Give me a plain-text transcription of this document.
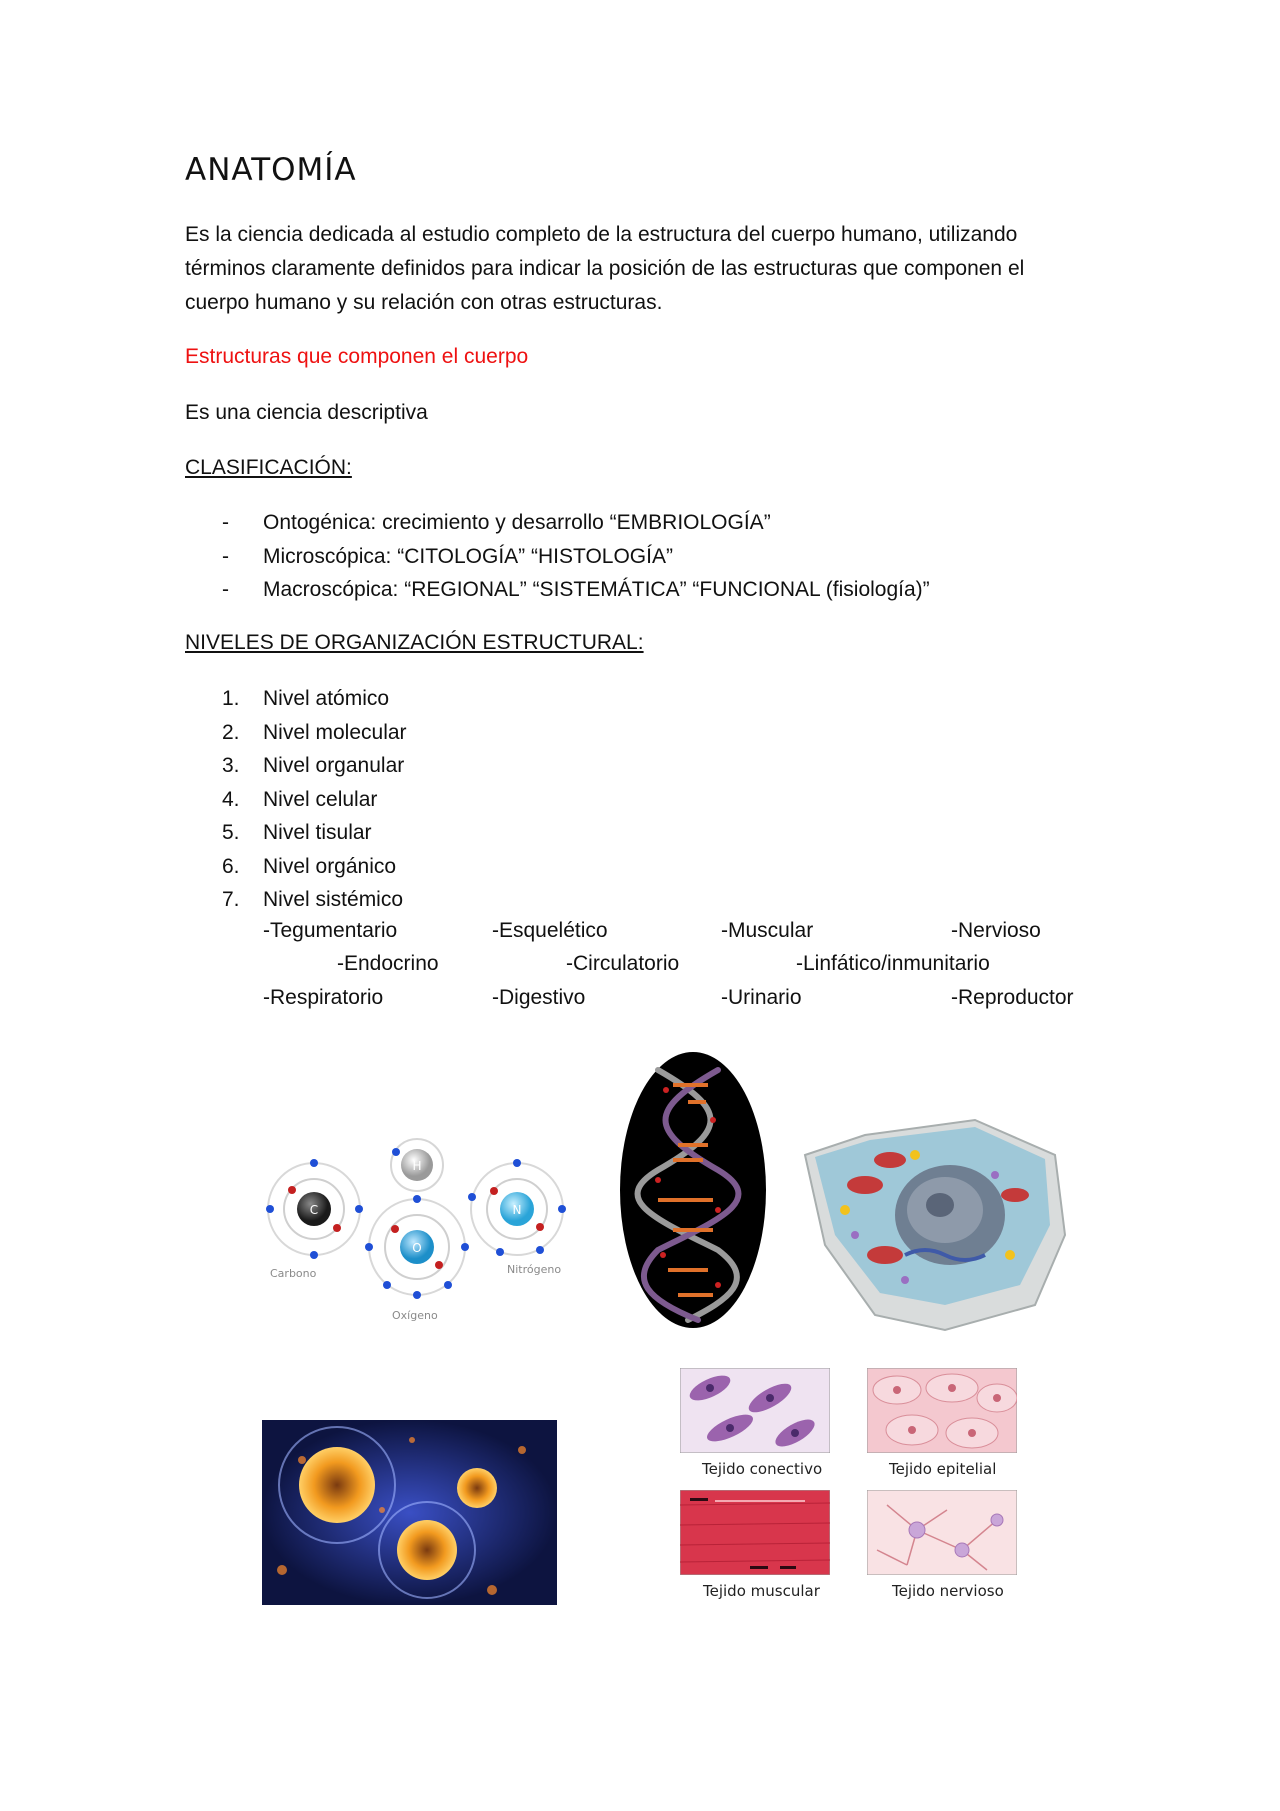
ANATOMÍA

Es la ciencia dedicada al estudio completo de la estructura del cuerpo humano, utilizando términos claramente definidos para indicar la posición de las estructuras que componen el cuerpo humano y su relación con otras estructuras.

Estructuras que componen el cuerpo

Es una ciencia descriptiva

CLASIFICACIÓN:

-	Ontogénica: crecimiento y desarrollo “EMBRIOLOGÍA”
-	Microscópica: “CITOLOGÍA” “HISTOLOGÍA”
-	Macroscópica: “REGIONAL” “SISTEMÁTICA” “FUNCIONAL (fisiología)”

NIVELES DE ORGANIZACIÓN ESTRUCTURAL:

1.	Nivel atómico
2.	Nivel molecular
3.	Nivel organular
4.	Nivel celular
5.	Nivel tisular
6.	Nivel orgánico
7.	Nivel sistémico
-Tegumentario	-Esquelético	-Muscular	-Nervioso
-Endocrino	-Circulatorio	-Linfático/inmunitario
-Respiratorio	-Digestivo	-Urinario	-Reproductor
H
C
Carbono
O
Oxígeno
N
Nitrógeno
Tejido conectivo	Tejido epitelial
Tejido muscular	Tejido nervioso
